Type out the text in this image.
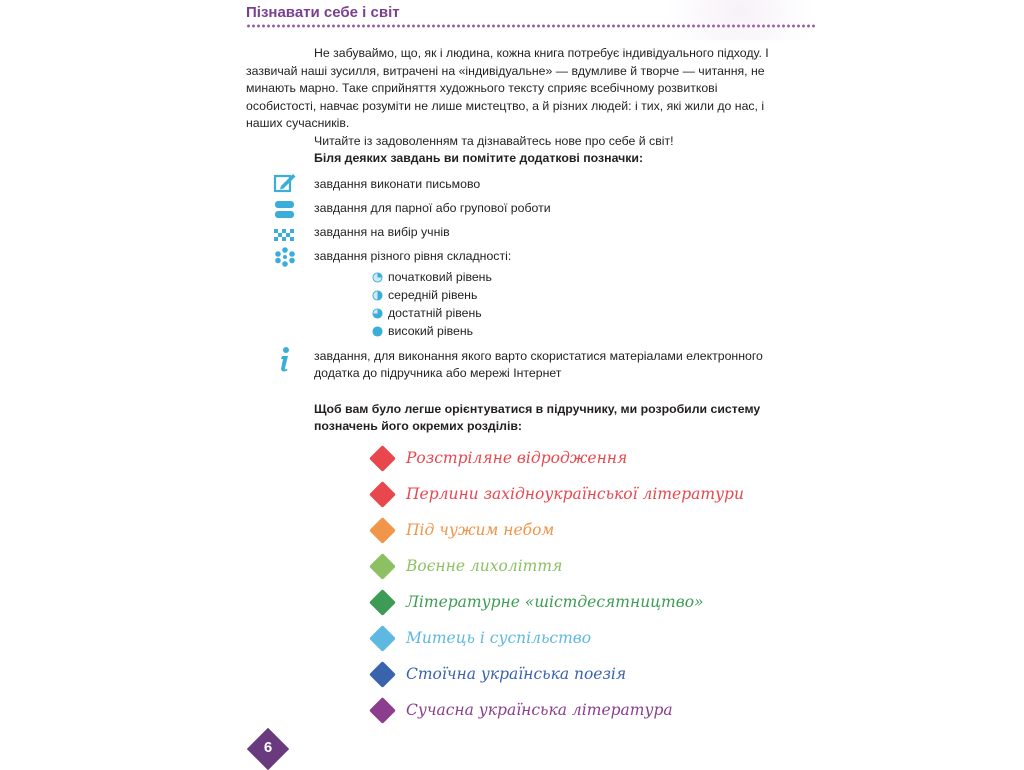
Пізнавати себе і світ

Не забуваймо, що, як і людина, кожна книга потребує індивідуального підходу. І зазвичай наші зусилля, витрачені на «індивідуальне» — вдумливе й творче — читання, не минають марно. Таке сприйняття художнього тексту сприяє всебічному розвиткові особистості, навчає розуміти не лише мистецтво, а й різних людей: і тих, які жили до нас, і наших сучасників.

Читайте із задоволенням та дізнавайтесь нове про себе й світ!

Біля деяких завдань ви помітите додаткові позначки:
завдання виконати письмово
завдання для парної або групової роботи
завдання на вибір учнів
завдання різного рівня складності:
початковий рівень
середній рівень
достатній рівень
високий рівень
завдання, для виконання якого варто скористатися матеріалами електронного додатка до підручника або мережі Інтернет
Щоб вам було легше орієнтуватися в підручнику, ми розробили систему позначень його окремих розділів:
Розстріляне відродження
Перлини західноукраїнської літератури
Під чужим небом
Воєнне лихоліття
Літературне «шістдесятництво»
Митець і суспільство
Стоїчна українська поезія
Сучасна українська література
6
